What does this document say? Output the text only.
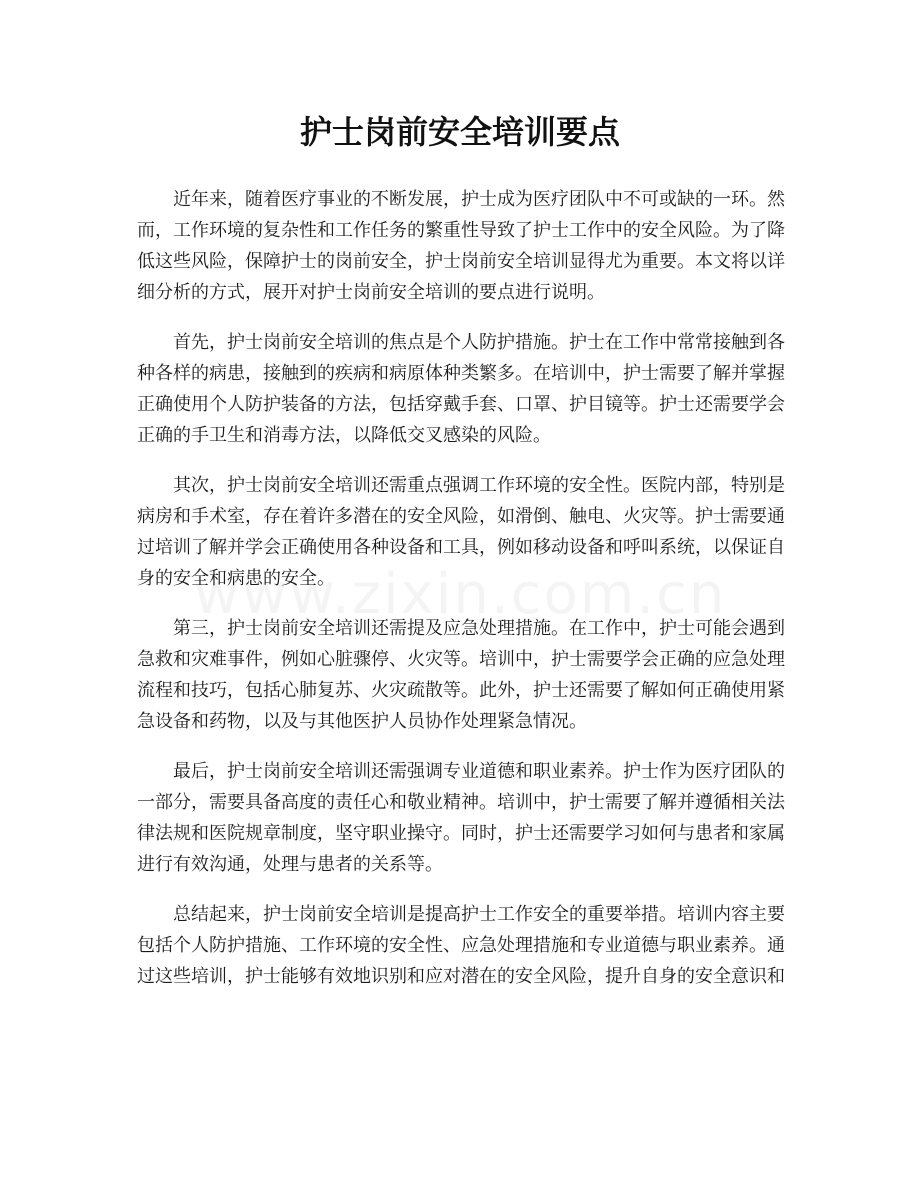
护士岗前安全培训要点

近年来，随着医疗事业的不断发展，护士成为医疗团队中不可或缺的一环。然而，工作环境的复杂性和工作任务的繁重性导致了护士工作中的安全风险。为了降低这些风险，保障护士的岗前安全，护士岗前安全培训显得尤为重要。本文将以详细分析的方式，展开对护士岗前安全培训的要点进行说明。

首先，护士岗前安全培训的焦点是个人防护措施。护士在工作中常常接触到各种各样的病患，接触到的疾病和病原体种类繁多。在培训中，护士需要了解并掌握正确使用个人防护装备的方法，包括穿戴手套、口罩、护目镜等。护士还需要学会正确的手卫生和消毒方法，以降低交叉感染的风险。

其次，护士岗前安全培训还需重点强调工作环境的安全性。医院内部，特别是病房和手术室，存在着许多潜在的安全风险，如滑倒、触电、火灾等。护士需要通过培训了解并学会正确使用各种设备和工具，例如移动设备和呼叫系统，以保证自身的安全和病患的安全。

第三，护士岗前安全培训还需提及应急处理措施。在工作中，护士可能会遇到急救和灾难事件，例如心脏骤停、火灾等。培训中，护士需要学会正确的应急处理流程和技巧，包括心肺复苏、火灾疏散等。此外，护士还需要了解如何正确使用紧急设备和药物，以及与其他医护人员协作处理紧急情况。

最后，护士岗前安全培训还需强调专业道德和职业素养。护士作为医疗团队的一部分，需要具备高度的责任心和敬业精神。培训中，护士需要了解并遵循相关法律法规和医院规章制度，坚守职业操守。同时，护士还需要学习如何与患者和家属进行有效沟通，处理与患者的关系等。

总结起来，护士岗前安全培训是提高护士工作安全的重要举措。培训内容主要包括个人防护措施、工作环境的安全性、应急处理措施和专业道德与职业素养。通过这些培训，护士能够有效地识别和应对潜在的安全风险，提升自身的安全意识和
